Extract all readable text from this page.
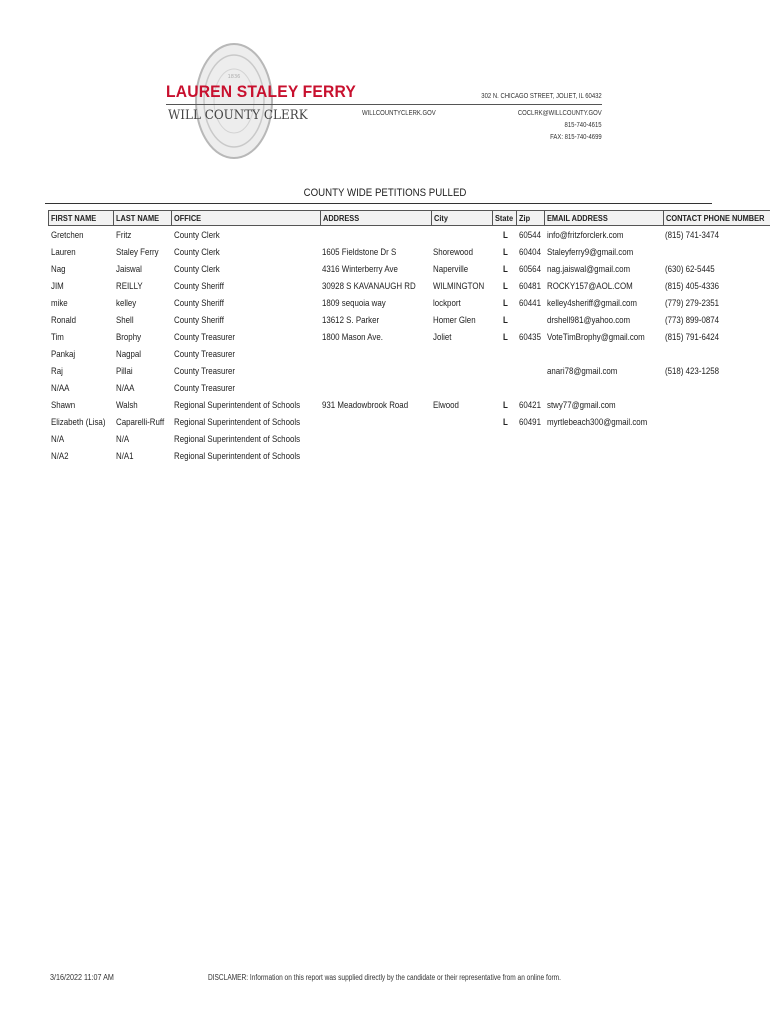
1836
LAUREN STALEY FERRY
WILL COUNTY CLERK
302 N. CHICAGO STREET, JOLIET, IL 60432
WILLCOUNTYCLERK.GOV	COCLRK@WILLCOUNTY.GOV
815-740-4615
FAX: 815-740-4699
COUNTY WIDE PETITIONS PULLED
FIRST NAME	LAST NAME	OFFICE	ADDRESS	City	State	Zip	EMAIL ADDRESS	CONTACT PHONE NUMBER
Gretchen	Fritz	County Clerk			L	60544	info@fritzforclerk.com	(815) 741-3474
Lauren	Staley Ferry	County Clerk	1605 Fieldstone Dr S	Shorewood	L	60404	Staleyferry9@gmail.com	
Nag	Jaiswal	County Clerk	4316 Winterberry Ave	Naperville	L	60564	nag.jaiswal@gmail.com	(630) 62-5445
JIM	REILLY	County Sheriff	30928 S KAVANAUGH RD	WILMINGTON	L	60481	ROCKY157@AOL.COM	(815) 405-4336
mike	kelley	County Sheriff	1809 sequoia way	lockport	L	60441	kelley4sheriff@gmail.com	(779) 279-2351
Ronald	Shell	County Sheriff	13612 S. Parker	Homer Glen	L		drshell981@yahoo.com	(773) 899-0874
Tim	Brophy	County Treasurer	1800 Mason Ave.	Joliet	L	60435	VoteTimBrophy@gmail.com	(815) 791-6424
Pankaj	Nagpal	County Treasurer						
Raj	Pillai	County Treasurer					anari78@gmail.com	(518) 423-1258
N/AA	N/AA	County Treasurer						
Shawn	Walsh	Regional Superintendent of Schools	931 Meadowbrook Road	Elwood	L	60421	stwy77@gmail.com	
Elizabeth (Lisa)	Caparelli-Ruff	Regional Superintendent of Schools			L	60491	myrtlebeach300@gmail.com	
N/A	N/A	Regional Superintendent of Schools						
N/A2	N/A1	Regional Superintendent of Schools						
3/16/2022 11:07 AM	DISCLAMER: Information on this report was supplied directly by the candidate or their representative from an online form.
